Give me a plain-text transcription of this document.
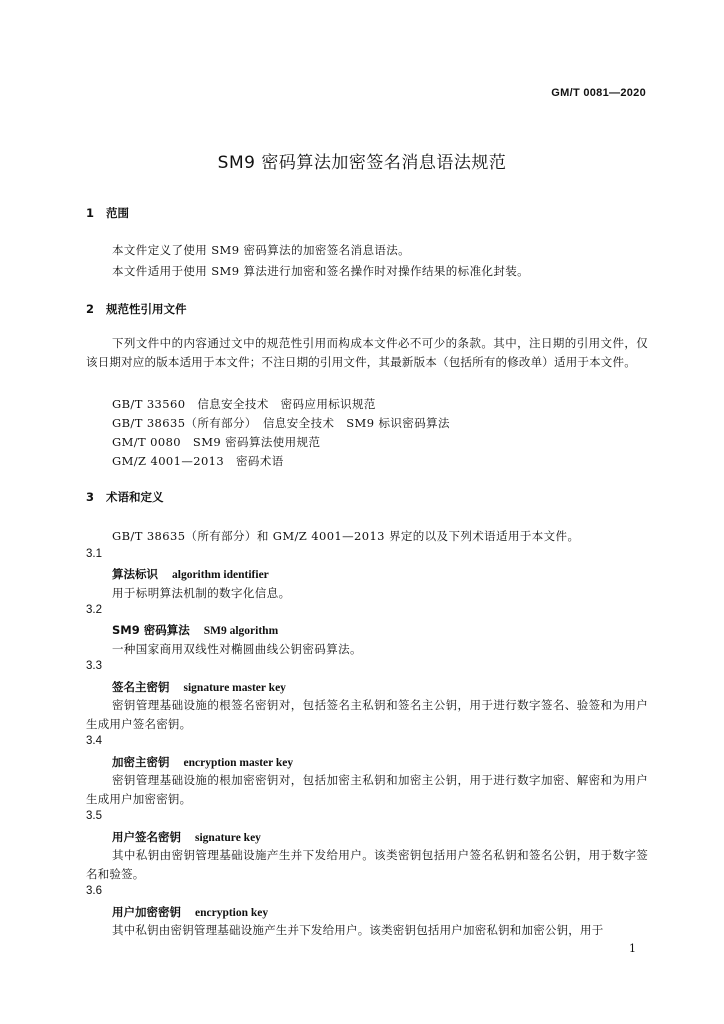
GM/T 0081—2020
SM9 密码算法加密签名消息语法规范
1 范围
本文件定义了使用 SM9 密码算法的加密签名消息语法。
本文件适用于使用 SM9 算法进行加密和签名操作时对操作结果的标准化封装。
2 规范性引用文件
下列文件中的内容通过文中的规范性引用而构成本文件必不可少的条款。其中，注日期的引用文件，仅该日期对应的版本适用于本文件；不注日期的引用文件，其最新版本（包括所有的修改单）适用于本文件。
GB/T 33560　信息安全技术　密码应用标识规范
GB/T 38635（所有部分）　信息安全技术　SM9 标识密码算法
GM/T 0080　SM9 密码算法使用规范
GM/Z 4001—2013　密码术语
3 术语和定义
GB/T 38635（所有部分）和 GM/Z 4001—2013 界定的以及下列术语适用于本文件。
3.1
算法标识 algorithm identifier
用于标明算法机制的数字化信息。
3.2
SM9 密码算法 SM9 algorithm
一种国家商用双线性对椭圆曲线公钥密码算法。
3.3
签名主密钥 signature master key
密钥管理基础设施的根签名密钥对，包括签名主私钥和签名主公钥，用于进行数字签名、验签和为用户生成用户签名密钥。
3.4
加密主密钥 encryption master key
密钥管理基础设施的根加密密钥对，包括加密主私钥和加密主公钥，用于进行数字加密、解密和为用户生成用户加密密钥。
3.5
用户签名密钥 signature key
其中私钥由密钥管理基础设施产生并下发给用户。该类密钥包括用户签名私钥和签名公钥，用于数字签名和验签。
3.6
用户加密密钥 encryption key
其中私钥由密钥管理基础设施产生并下发给用户。该类密钥包括用户加密私钥和加密公钥，用于
1
